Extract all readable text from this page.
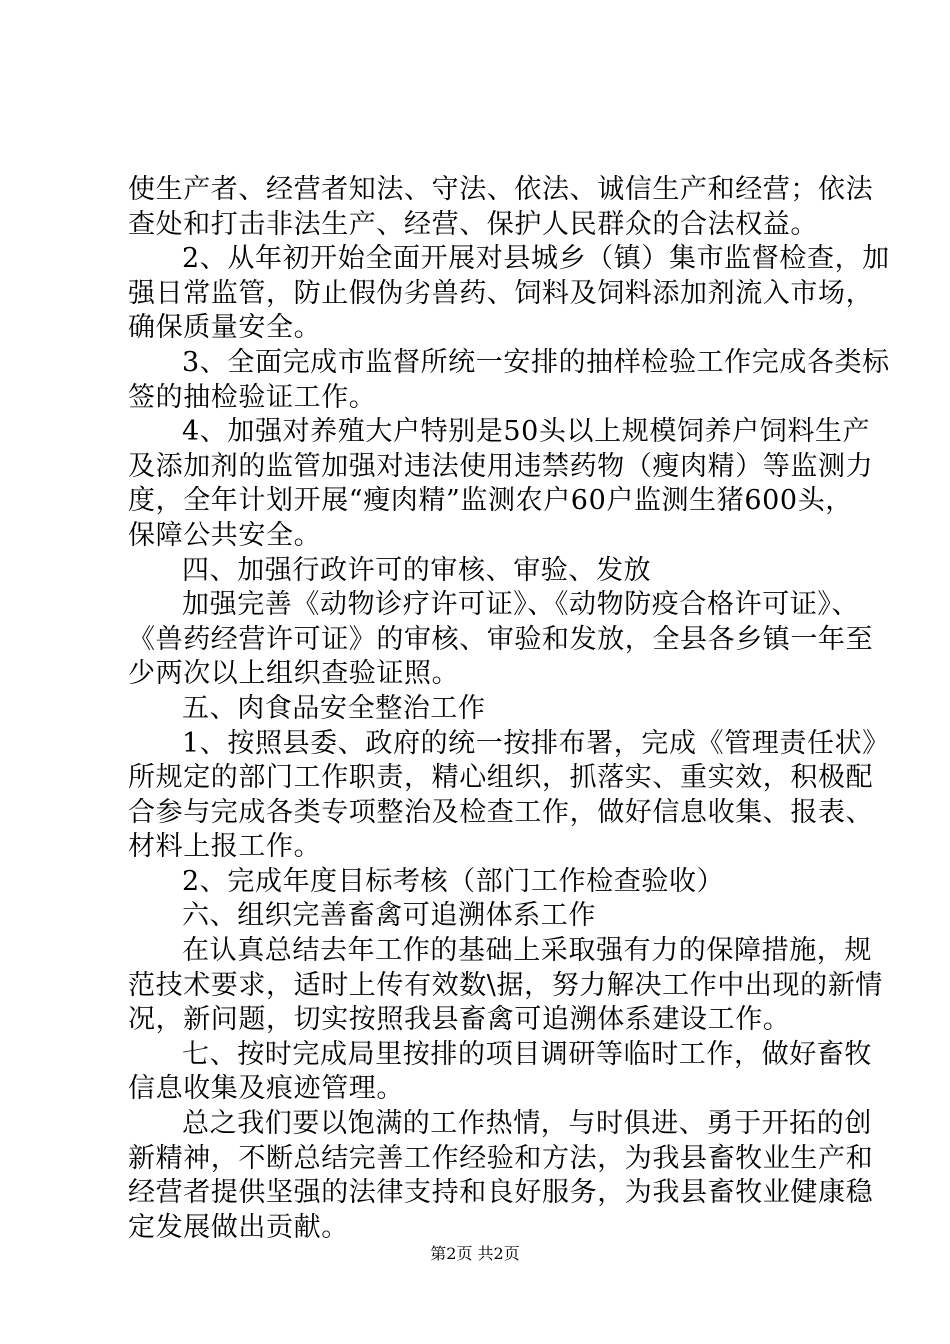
使生产者、经营者知法、守法、依法、诚信生产和经营；依法
查处和打击非法生产、经营、保护人民群众的合法权益。
2、从年初开始全面开展对县城乡（镇）集市监督检查，加
强日常监管，防止假伪劣兽药、饲料及饲料添加剂流入市场，
确保质量安全。
3、全面完成市监督所统一安排的抽样检验工作完成各类标
签的抽检验证工作。
4、加强对养殖大户特别是50头以上规模饲养户饲料生产
及添加剂的监管加强对违法使用违禁药物（瘦肉精）等监测力
度，全年计划开展“瘦肉精”监测农户60户监测生猪600头，
保障公共安全。
四、加强行政许可的审核、审验、发放
加强完善《动物诊疗许可证》、《动物防疫合格许可证》、
《兽药经营许可证》的审核、审验和发放，全县各乡镇一年至
少两次以上组织查验证照。
五、肉食品安全整治工作
1、按照县委、政府的统一按排布署，完成《管理责任状》
所规定的部门工作职责，精心组织，抓落实、重实效，积极配
合参与完成各类专项整治及检查工作，做好信息收集、报表、
材料上报工作。
2、完成年度目标考核（部门工作检查验收）
六、组织完善畜禽可追溯体系工作
在认真总结去年工作的基础上采取强有力的保障措施，规
范技术要求，适时上传有效数\据，努力解决工作中出现的新情
况，新问题，切实按照我县畜禽可追溯体系建设工作。
七、按时完成局里按排的项目调研等临时工作，做好畜牧
信息收集及痕迹管理。
总之我们要以饱满的工作热情，与时俱进、勇于开拓的创
新精神，不断总结完善工作经验和方法，为我县畜牧业生产和
经营者提供坚强的法律支持和良好服务，为我县畜牧业健康稳
定发展做出贡献。
第2页 共2页
